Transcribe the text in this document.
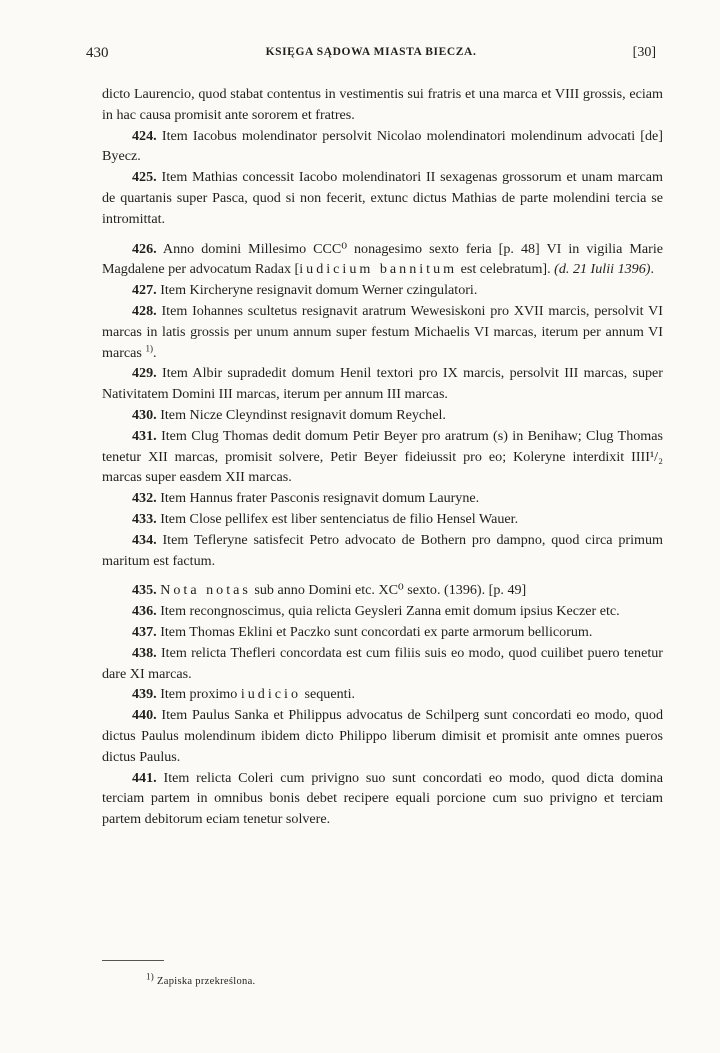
430	KSIĘGA SĄDOWA MIASTA BIECZA.	[30]

dicto Laurencio, quod stabat contentus in vestimentis sui fratris et una marca et VIII grossis, eciam in hac causa promisit ante sororem et fratres.

424. Item Iacobus molendinator persolvit Nicolao molendinatori molendinum advocati [de] Byecz.

425. Item Mathias concessit Iacobo molendinatori II sexagenas grossorum et unam marcam de quartanis super Pasca, quod si non fecerit, extunc dictus Mathias de parte molendini tercia se intromittat.

426. Anno domini Millesimo CCC⁰ nonagesimo sexto feria [p. 48] VI in vigilia Marie Magdalene per advocatum Radax [iudicium bannitum est celebratum]. (d. 21 Iulii 1396).

427. Item Kircheryne resignavit domum Werner czingulatori.

428. Item Iohannes scultetus resignavit aratrum Wewesiskoni pro XVII marcis, persolvit VI marcas in latis grossis per unum annum super festum Michaelis VI marcas, iterum per annum VI marcas $^{1)}$.

429. Item Albir supradedit domum Henil textori pro IX marcis, persolvit III marcas, super Nativitatem Domini III marcas, iterum per annum III marcas.

430. Item Nicze Cleyndinst resignavit domum Reychel.

431. Item Clug Thomas dedit domum Petir Beyer pro aratrum (s) in Benihaw; Clug Thomas tenetur XII marcas, promisit solvere, Petir Beyer fideiussit pro eo; Koleryne interdixit IIII¹/₂ marcas super easdem XII marcas.

432. Item Hannus frater Pasconis resignavit domum Lauryne.

433. Item Close pellifex est liber sentenciatus de filio Hensel Wauer.

434. Item Tefleryne satisfecit Petro advocato de Bothern pro dampno, quod circa primum maritum est factum.

435. Nota notas sub anno Domini etc. XC⁰ sexto. (1396). [p. 49]

436. Item recongnoscimus, quia relicta Geysleri Zanna emit domum ipsius Keczer etc.

437. Item Thomas Eklini et Paczko sunt concordati ex parte armorum bellicorum.

438. Item relicta Thefleri concordata est cum filiis suis eo modo, quod cuilibet puero tenetur dare XI marcas.

439. Item proximo iudicio sequenti.

440. Item Paulus Sanka et Philippus advocatus de Schilperg sunt concordati eo modo, quod dictus Paulus molendinum ibidem dicto Philippo liberum dimisit et promisit ante omnes pueros dictus Paulus.

441. Item relicta Coleri cum privigno suo sunt concordati eo modo, quod dicta domina terciam partem in omnibus bonis debet recipere equali porcione cum suo privigno et terciam partem debitorum eciam tenetur solvere.

$^{1)}$ Zapiska przekreślona.
